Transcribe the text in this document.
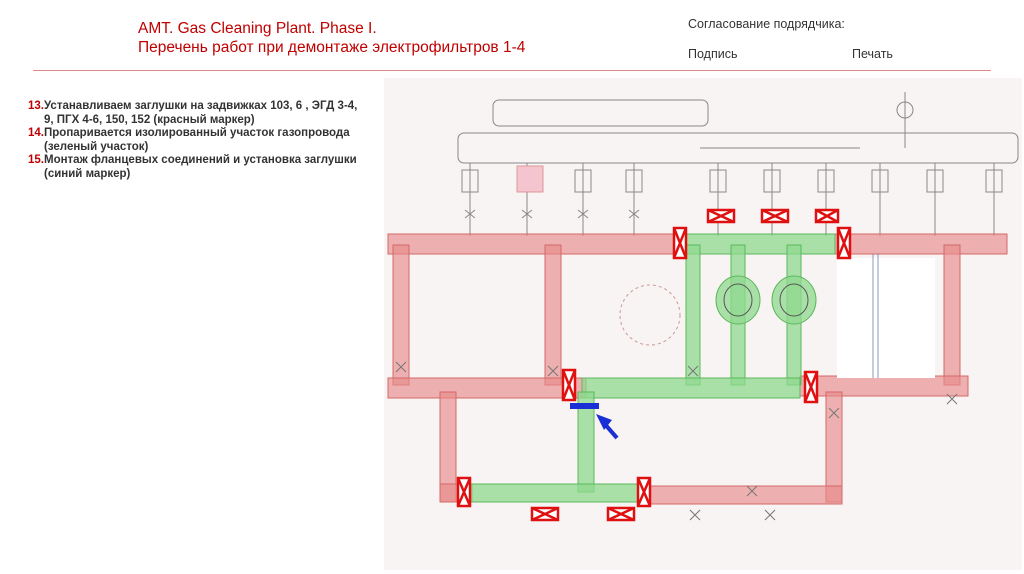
AMT. Gas Cleaning Plant. Phase I.
Перечень работ при демонтаже электрофильтров 1-4
Согласование подрядчика:
Подпись	Печать
13. Устанавливаем заглушки на задвижках 103, 6 , ЭГД 3-4, 9, ПГХ 4-6, 150, 152 (красный маркер)
14. Пропаривается изолированный участок газопровода (зеленый участок)
15. Монтаж фланцевых соединений и установка заглушки (синий маркер)
